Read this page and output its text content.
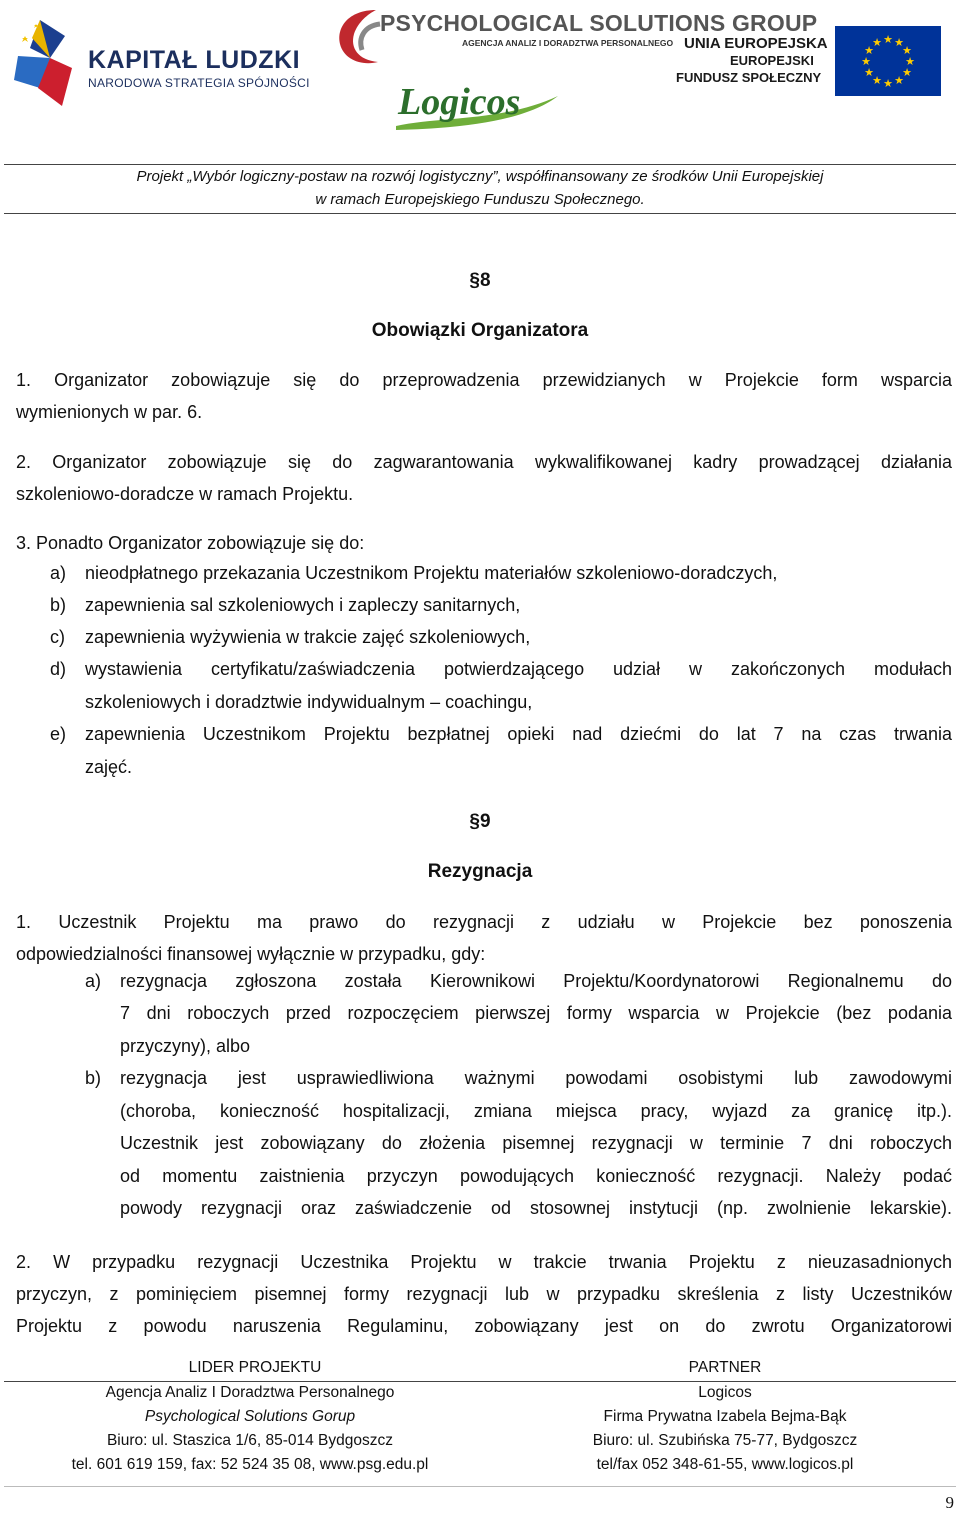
KAPITAŁ LUDZKI
NARODOWA STRATEGIA SPÓJNOŚCI
PSYCHOLOGICAL SOLUTIONS GROUP
AGENCJA ANALIZ I DORADZTWA PERSONALNEGO
Logicos
UNIA EUROPEJSKA
EUROPEJSKI
FUNDUSZ SPOŁECZNY
★ ★
★
★
★
★
★
★
★
★
★
★
Projekt „Wybór logiczny-postaw na rozwój logistyczny”, współfinansowany ze środków Unii Europejskiej
w ramach Europejskiego Funduszu Społecznego.
§8
Obowiązki Organizatora
1. Organizator zobowiązuje się do przeprowadzenia przewidzianych w Projekcie form wsparcia
wymienionych w par. 6.
2. Organizator zobowiązuje się do zagwarantowania wykwalifikowanej kadry prowadzącej działania
szkoleniowo-doradcze w ramach Projektu.
3. Ponadto Organizator zobowiązuje się do:
a) nieodpłatnego przekazania Uczestnikom Projektu materiałów szkoleniowo-doradczych,
b) zapewnienia sal szkoleniowych i zapleczy sanitarnych,
c) zapewnienia wyżywienia w trakcie zajęć szkoleniowych,
d) wystawienia certyfikatu/zaświadczenia potwierdzającego udział w zakończonych modułach
szkoleniowych i doradztwie indywidualnym – coachingu,
e) zapewnienia Uczestnikom Projektu bezpłatnej opieki nad dziećmi do lat 7 na czas trwania
zajęć.
§9
Rezygnacja
1. Uczestnik Projektu ma prawo do rezygnacji z udziału w Projekcie bez ponoszenia
odpowiedzialności finansowej wyłącznie w przypadku, gdy:
a) rezygnacja zgłoszona została Kierownikowi Projektu/Koordynatorowi Regionalnemu do
7 dni roboczych przed rozpoczęciem pierwszej formy wsparcia w Projekcie (bez podania
przyczyny), albo
b) rezygnacja jest usprawiedliwiona ważnymi powodami osobistymi lub zawodowymi
(choroba, konieczność hospitalizacji, zmiana miejsca pracy, wyjazd za granicę itp.).
Uczestnik jest zobowiązany do złożenia pisemnej rezygnacji w terminie 7 dni roboczych
od momentu zaistnienia przyczyn powodujących konieczność rezygnacji. Należy podać
powody rezygnacji oraz zaświadczenie od stosownej instytucji (np. zwolnienie lekarskie).
2. W przypadku rezygnacji Uczestnika Projektu w trakcie trwania Projektu z nieuzasadnionych
przyczyn, z pominięciem pisemnej formy rezygnacji lub w przypadku skreślenia z listy Uczestników
Projektu z powodu naruszenia Regulaminu, zobowiązany jest on do zwrotu Organizatorowi
LIDER PROJEKTU	PARTNER
Agencja Analiz I Doradztwa Personalnego
Psychological Solutions Gorup
Biuro: ul. Staszica 1/6, 85-014 Bydgoszcz
tel. 601 619 159, fax: 52 524 35 08, www.psg.edu.pl
Logicos
Firma Prywatna Izabela Bejma-Bąk
Biuro: ul. Szubińska 75-77, Bydgoszcz
tel/fax 052 348-61-55, www.logicos.pl
9
